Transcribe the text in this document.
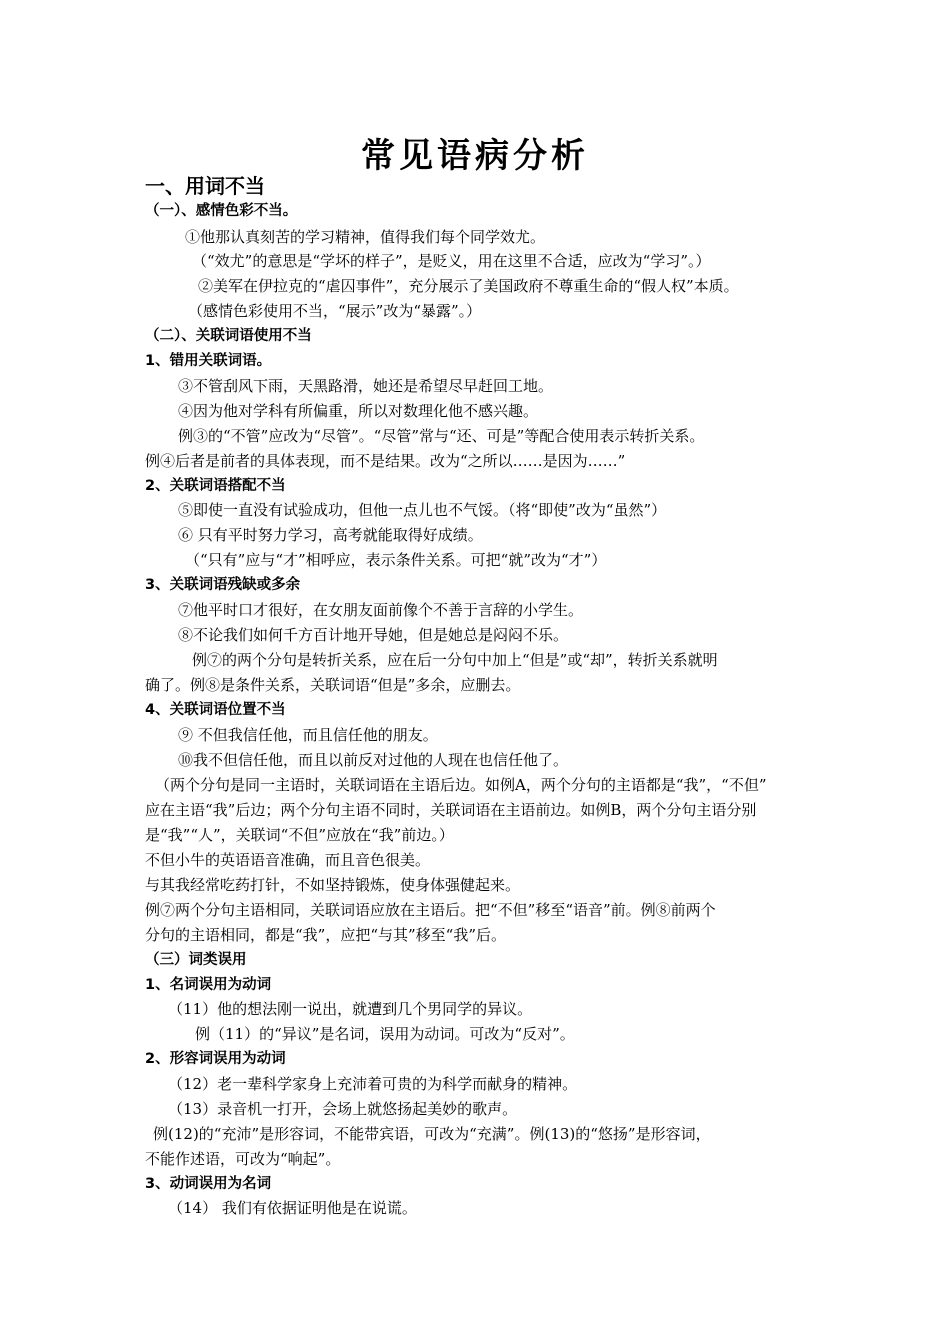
常见语病分析
一、用词不当
（一）、感情色彩不当。
①他那认真刻苦的学习精神，值得我们每个同学效尤。
（“效尤”的意思是“学坏的样子”，是贬义，用在这里不合适，应改为“学习”。）
②美军在伊拉克的“虐囚事件”，充分展示了美国政府不尊重生命的“假人权”本质。
（感情色彩使用不当，“展示”改为“暴露”。）
（二）、关联词语使用不当
1、错用关联词语。
③不管刮风下雨，天黑路滑，她还是希望尽早赶回工地。
④因为他对学科有所偏重，所以对数理化他不感兴趣。
例③的“不管”应改为“尽管”。“尽管”常与“还、可是”等配合使用表示转折关系。
例④后者是前者的具体表现，而不是结果。改为“之所以……是因为……”
2、关联词语搭配不当
⑤即使一直没有试验成功，但他一点儿也不气馁。（将“即使”改为“虽然”）
⑥ 只有平时努力学习，高考就能取得好成绩。
（“只有”应与“才”相呼应，表示条件关系。可把“就”改为“才”）
3、关联词语残缺或多余
⑦他平时口才很好，在女朋友面前像个不善于言辞的小学生。
⑧不论我们如何千方百计地开导她，但是她总是闷闷不乐。
例⑦的两个分句是转折关系，应在后一分句中加上“但是”或“却”，转折关系就明
确了。例⑧是条件关系，关联词语“但是”多余，应删去。
4、关联词语位置不当
⑨ 不但我信任他，而且信任他的朋友。
⑩我不但信任他，而且以前反对过他的人现在也信任他了。
（两个分句是同一主语时，关联词语在主语后边。如例A，两个分句的主语都是“我”，“不但”
应在主语“我”后边；两个分句主语不同时，关联词语在主语前边。如例B，两个分句主语分别
是“我”“人”，关联词“不但”应放在“我”前边。）
不但小牛的英语语音准确，而且音色很美。
与其我经常吃药打针，不如坚持锻炼，使身体强健起来。
例⑦两个分句主语相同，关联词语应放在主语后。把“不但”移至“语音”前。例⑧前两个
分句的主语相同，都是“我”，应把“与其”移至“我”后。
（三）词类误用
1、名词误用为动词
（11）他的想法刚一说出，就遭到几个男同学的异议。
例（11）的“异议”是名词，误用为动词。可改为“反对”。
2、形容词误用为动词
（12）老一辈科学家身上充沛着可贵的为科学而献身的精神。
（13）录音机一打开，会场上就悠扬起美妙的歌声。
例(12)的“充沛”是形容词，不能带宾语，可改为“充满”。例(13)的“悠扬”是形容词，
不能作述语，可改为“响起”。
3、动词误用为名词
（14） 我们有依据证明他是在说谎。
